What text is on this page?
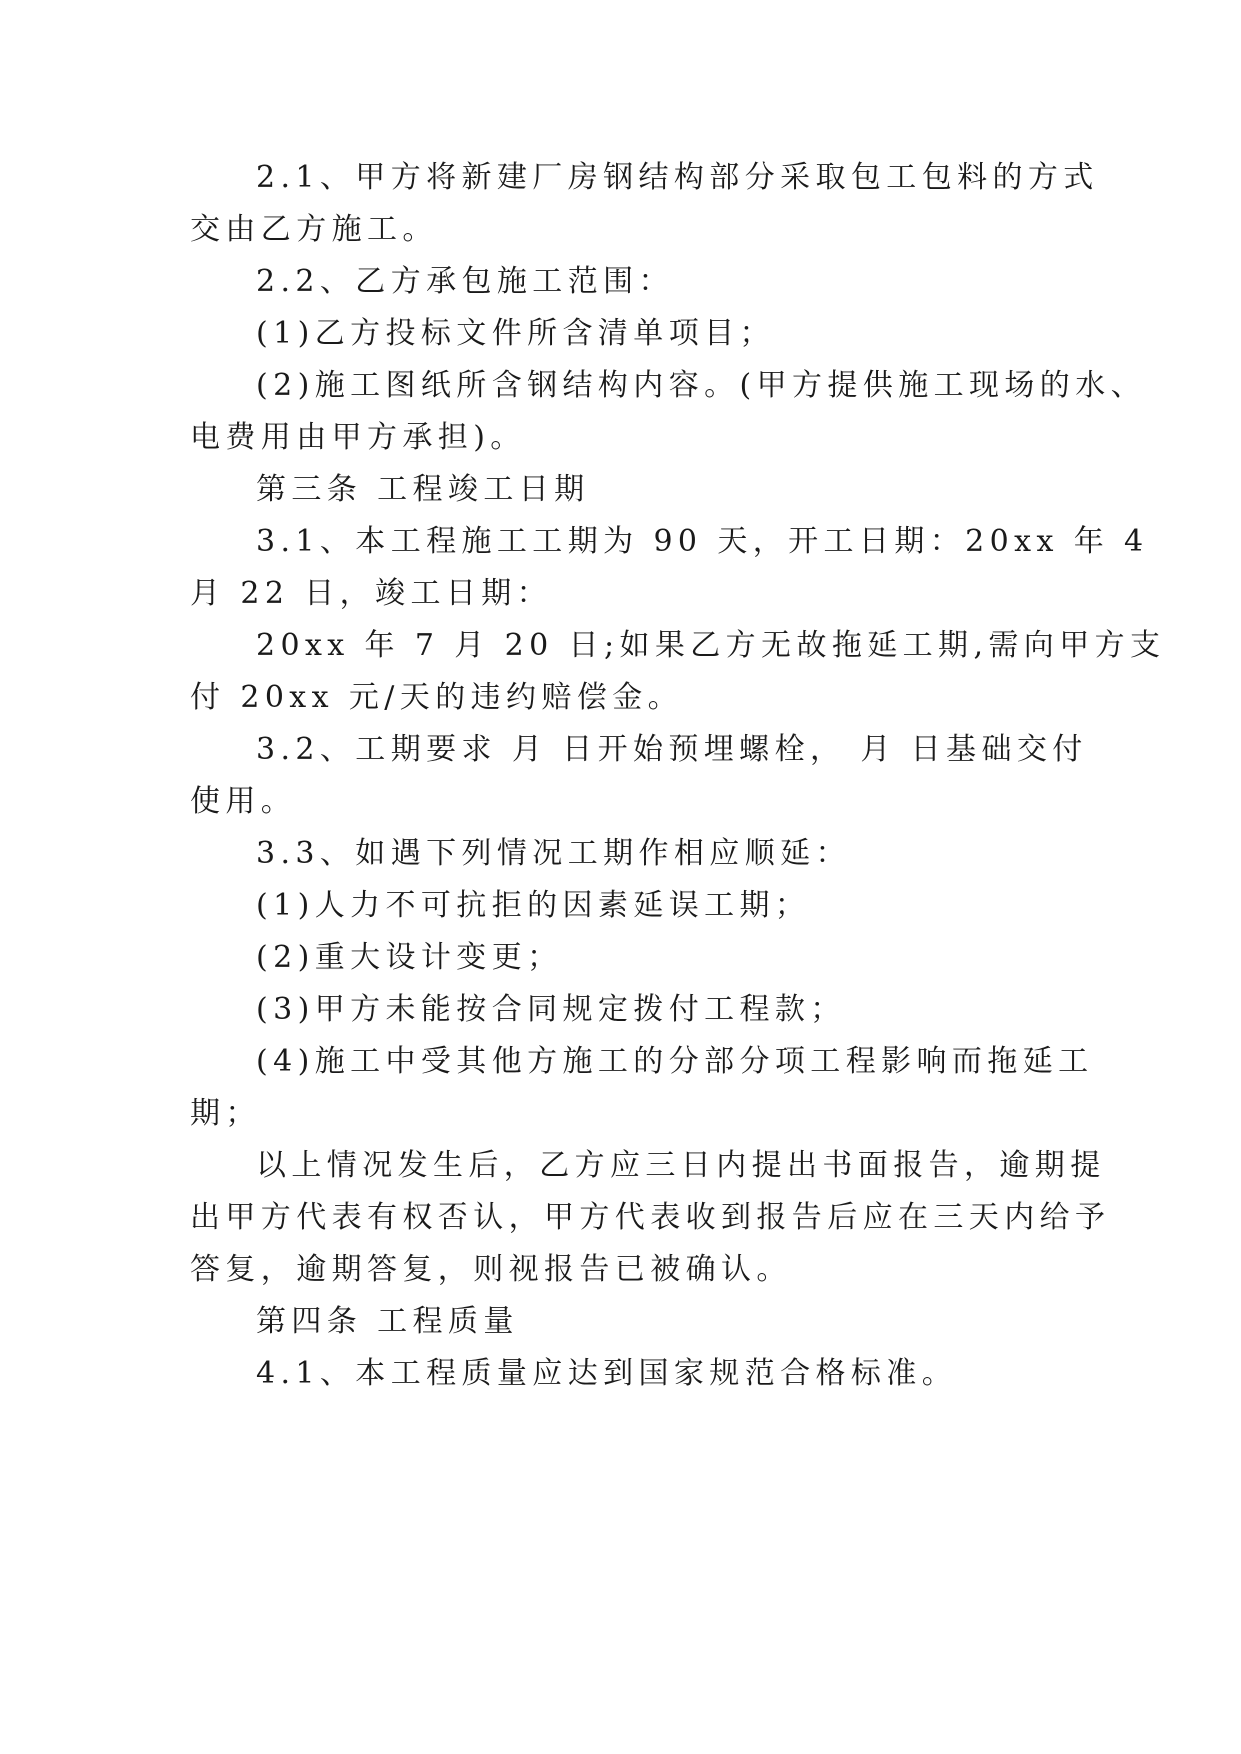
2.1、甲方将新建厂房钢结构部分采取包工包料的方式
交由乙方施工。
2.2、乙方承包施工范围：
(1)乙方投标文件所含清单项目；
(2)施工图纸所含钢结构内容。(甲方提供施工现场的水、
电费用由甲方承担)。
第三条 工程竣工日期
3.1、本工程施工工期为 90 天，开工日期：20xx 年 4
月 22 日，竣工日期：
20xx 年 7 月 20 日;如果乙方无故拖延工期,需向甲方支
付 20xx 元/天的违约赔偿金。
3.2、工期要求 月 日开始预埋螺栓， 月 日基础交付
使用。
3.3、如遇下列情况工期作相应顺延：
(1)人力不可抗拒的因素延误工期；
(2)重大设计变更；
(3)甲方未能按合同规定拨付工程款；
(4)施工中受其他方施工的分部分项工程影响而拖延工
期；
以上情况发生后，乙方应三日内提出书面报告，逾期提
出甲方代表有权否认，甲方代表收到报告后应在三天内给予
答复，逾期答复，则视报告已被确认。
第四条 工程质量
4.1、本工程质量应达到国家规范合格标准。
